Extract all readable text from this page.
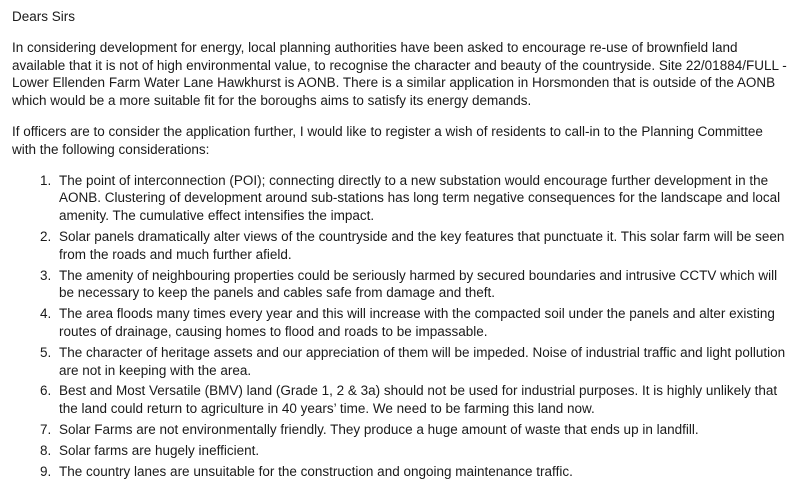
Dears Sirs

In considering development for energy, local planning authorities have been asked to encourage re-use of brownfield land available that it is not of high environmental value, to recognise the character and beauty of the countryside. Site 22/01884/FULL - Lower Ellenden Farm Water Lane Hawkhurst is AONB. There is a similar application in Horsmonden that is outside of the AONB which would be a more suitable fit for the boroughs aims to satisfy its energy demands.

If officers are to consider the application further, I would like to register a wish of residents to call-in to the Planning Committee with the following considerations:

1. The point of interconnection (POI); connecting directly to a new substation would encourage further development in the AONB. Clustering of development around sub-stations has long term negative consequences for the landscape and local amenity. The cumulative effect intensifies the impact.
2. Solar panels dramatically alter views of the countryside and the key features that punctuate it. This solar farm will be seen from the roads and much further afield.
3. The amenity of neighbouring properties could be seriously harmed by secured boundaries and intrusive CCTV which will be necessary to keep the panels and cables safe from damage and theft.
4. The area floods many times every year and this will increase with the compacted soil under the panels and alter existing routes of drainage, causing homes to flood and roads to be impassable.
5. The character of heritage assets and our appreciation of them will be impeded. Noise of industrial traffic and light pollution are not in keeping with the area.
6. Best and Most Versatile (BMV) land (Grade 1, 2 & 3a) should not be used for industrial purposes. It is highly unlikely that the land could return to agriculture in 40 years’ time. We need to be farming this land now.
7. Solar Farms are not environmentally friendly. They produce a huge amount of waste that ends up in landfill.
8. Solar farms are hugely inefficient.
9. The country lanes are unsuitable for the construction and ongoing maintenance traffic.
